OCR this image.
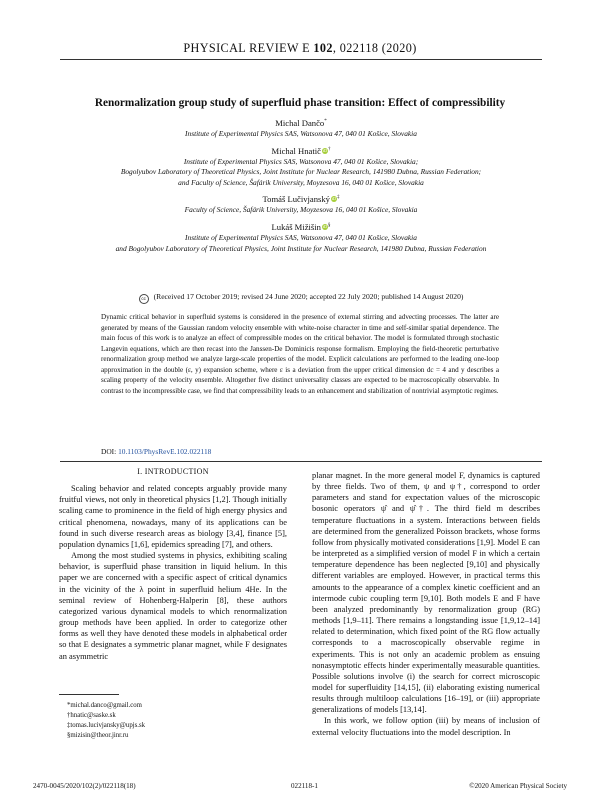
PHYSICAL REVIEW E 102, 022118 (2020)
Renormalization group study of superfluid phase transition: Effect of compressibility
Michal Dančo*
Institute of Experimental Physics SAS, Watsonova 47, 040 01 Košice, Slovakia
Michal Hnatič iD†
Institute of Experimental Physics SAS, Watsonova 47, 040 01 Košice, Slovakia;
Bogolyubov Laboratory of Theoretical Physics, Joint Institute for Nuclear Research, 141980 Dubna, Russian Federation;
and Faculty of Science, Šafárik University, Moyzesova 16, 040 01 Košice, Slovakia
Tomáš Lučivjanský iD‡
Faculty of Science, Šafárik University, Moyzesova 16, 040 01 Košice, Slovakia
Lukáš Mižišin iD§
Institute of Experimental Physics SAS, Watsonova 47, 040 01 Košice, Slovakia
and Bogolyubov Laboratory of Theoretical Physics, Joint Institute for Nuclear Research, 141980 Dubna, Russian Federation
cc (Received 17 October 2019; revised 24 June 2020; accepted 22 July 2020; published 14 August 2020)
Dynamic critical behavior in superfluid systems is considered in the presence of external stirring and advecting processes. The latter are generated by means of the Gaussian random velocity ensemble with white-noise character in time and self-similar spatial dependence. The main focus of this work is to analyze an effect of compressible modes on the critical behavior. The model is formulated through stochastic Langevin equations, which are then recast into the Janssen-De Dominicis response formalism. Employing the field-theoretic perturbative renormalization group method we analyze large-scale properties of the model. Explicit calculations are performed to the leading one-loop approximation in the double (ε, y) expansion scheme, where ε is a deviation from the upper critical dimension dc = 4 and y describes a scaling property of the velocity ensemble. Altogether five distinct universality classes are expected to be macroscopically observable. In contrast to the incompressible case, we find that compressibility leads to an enhancement and stabilization of nontrivial asymptotic regimes.
DOI: 10.1103/PhysRevE.102.022118
I. INTRODUCTION

Scaling behavior and related concepts arguably provide many fruitful views, not only in theoretical physics [1,2]. Though initially scaling came to prominence in the field of high energy physics and critical phenomena, nowadays, many of its applications can be found in such diverse research areas as biology [3,4], finance [5], population dynamics [1,6], epidemics spreading [7], and others.

Among the most studied systems in physics, exhibiting scaling behavior, is superfluid phase transition in liquid helium. In this paper we are concerned with a specific aspect of critical dynamics in the vicinity of the λ point in superfluid helium 4He. In the seminal review of Hohenberg-Halperin [8], these authors categorized various dynamical models to which renormalization group methods have been applied. In order to categorize other forms as well they have denoted these models in alphabetical order so that E designates a symmetric planar magnet, while F designates an asymmetric

planar magnet. In the more general model F, dynamics is captured by three fields. Two of them, ψ and ψ†, correspond to order parameters and stand for expectation values of the microscopic bosonic operators ψ̂ and ψ̂†. The third field m describes temperature fluctuations in a system. Interactions between fields are determined from the generalized Poisson brackets, whose forms follow from physically motivated considerations [1,9]. Model E can be interpreted as a simplified version of model F in which a certain temperature dependence has been neglected [9,10] and physically different variables are employed. However, in practical terms this amounts to the appearance of a complex kinetic coefficient and an intermode cubic coupling term [9,10]. Both models E and F have been analyzed predominantly by renormalization group (RG) methods [1,9–11]. There remains a longstanding issue [1,9,12–14] related to determination, which fixed point of the RG flow actually corresponds to a macroscopically observable regime in experiments. This is not only an academic problem as ensuing nonasymptotic effects hinder experimentally measurable quantities. Possible solutions involve (i) the search for correct microscopic model for superfluidity [14,15], (ii) elaborating existing numerical results through multiloop calculations [16–19], or (iii) appropriate generalizations of models [13,14].

In this work, we follow option (iii) by means of inclusion of external velocity fluctuations into the model description. In

*michal.danco@gmail.com
†hnatic@saske.sk
‡tomas.lucivjansky@upjs.sk
§mizisin@theor.jinr.ru
2470-0045/2020/102(2)/022118(18)	022118-1	©2020 American Physical Society
